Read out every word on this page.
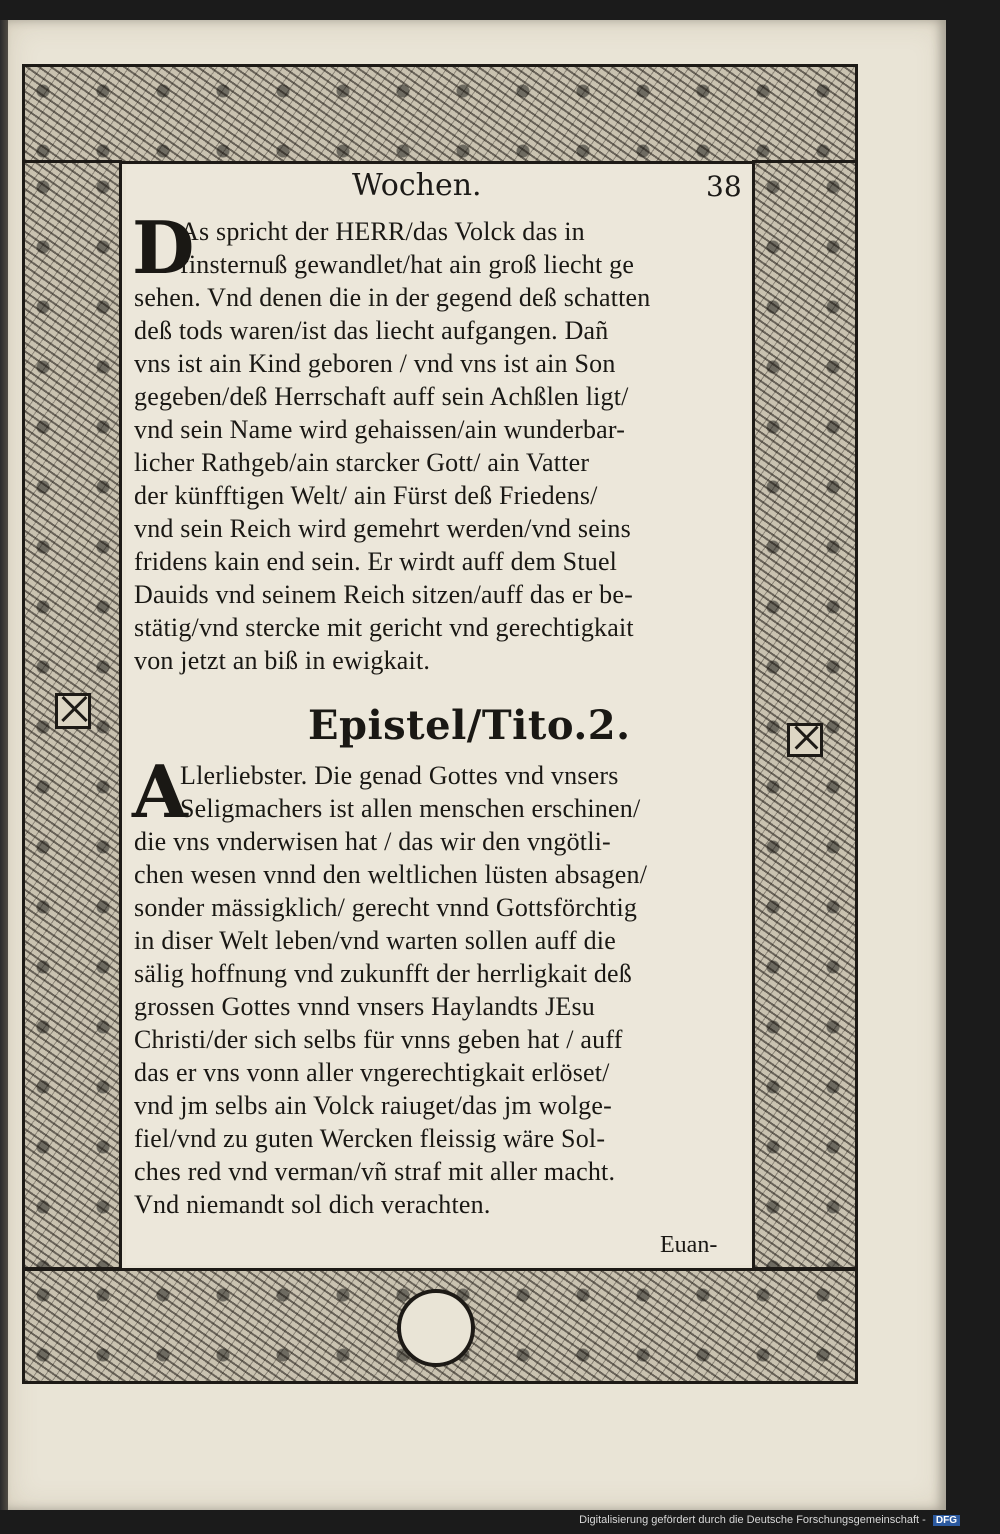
Wochen.	38
D
As spricht der HERR/das Volck das in
finsternuß gewandlet/hat ain groß liecht ge
sehen. Vnd denen die in der gegend deß schatten
deß tods waren/ist das liecht aufgangen. Dañ
vns ist ain Kind geboren / vnd vns ist ain Son
gegeben/deß Herrschaft auff sein Achßlen ligt/
vnd sein Name wird gehaissen/ain wunderbar-
licher Rathgeb/ain starcker Gott/ ain Vatter
der künfftigen Welt/ ain Fürst deß Friedens/
vnd sein Reich wird gemehrt werden/vnd seins
fridens kain end sein. Er wirdt auff dem Stuel
Dauids vnd seinem Reich sitzen/auff das er be-
stätig/vnd stercke mit gericht vnd gerechtigkait
von jetzt an biß in ewigkait.
Epistel/Tito.2.
A
Llerliebster. Die genad Gottes vnd vnsers
Seligmachers ist allen menschen erschinen/
die vns vnderwisen hat / das wir den vngötli-
chen wesen vnnd den weltlichen lüsten absagen/
sonder mässigklich/ gerecht vnnd Gottsförchtig
in diser Welt leben/vnd warten sollen auff die
sälig hoffnung vnd zukunfft der herrligkait deß
grossen Gottes vnnd vnsers Haylandts JEsu
Christi/der sich selbs für vnns geben hat / auff
das er vns vonn aller vngerechtigkait erlöset/
vnd jm selbs ain Volck raiuget/das jm wolge-
fiel/vnd zu guten Wercken fleissig wäre Sol-
ches red vnd verman/vñ straf mit aller macht.
Vnd niemandt sol dich verachten.
Euan-
Digitalisierung gefördert durch die Deutsche Forschungsgemeinschaft - DFG
